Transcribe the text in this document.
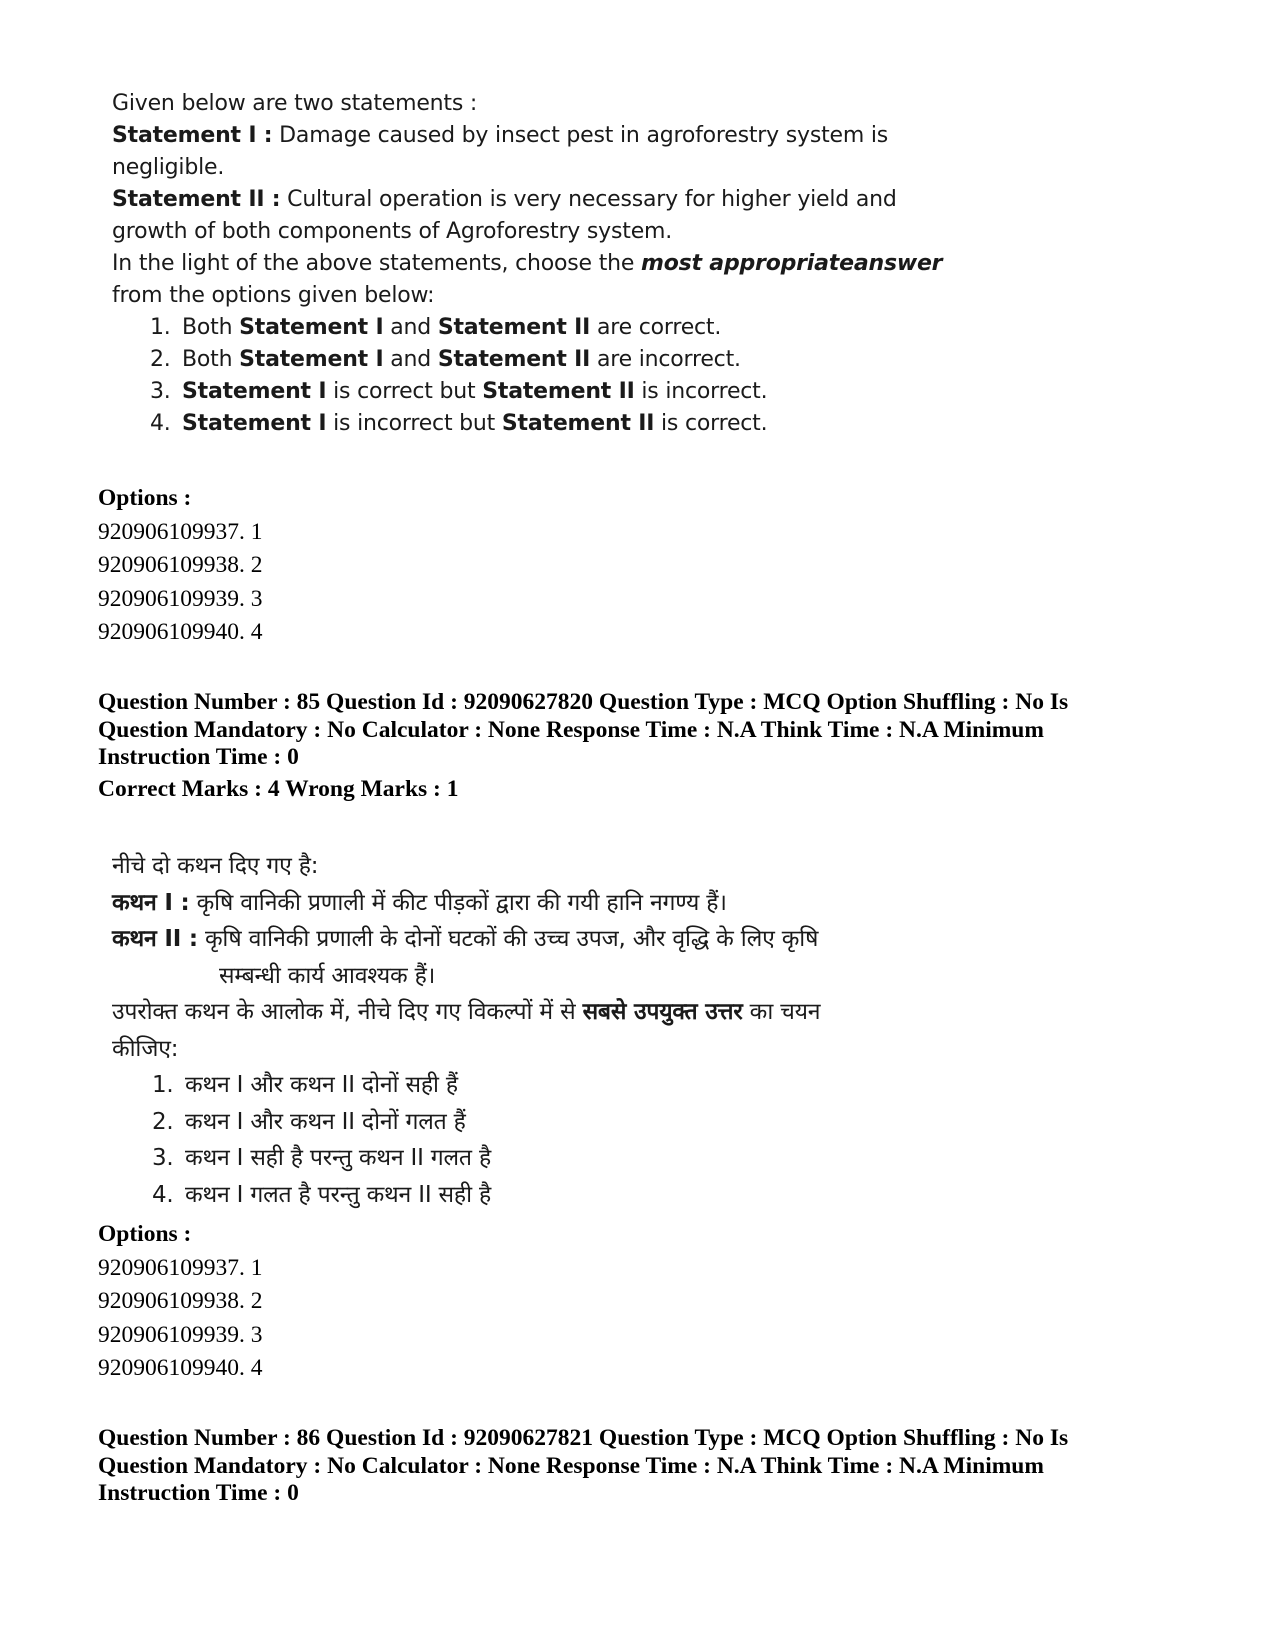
Given below are two statements :

Statement I : Damage caused by insect pest in agroforestry system is

negligible.

Statement II : Cultural operation is very necessary for higher yield and

growth of both components of Agroforestry system.

In the light of the above statements, choose the most appropriateanswer

from the options given below:

1. Both Statement I and Statement II are correct.
2. Both Statement I and Statement II are incorrect.
3. Statement I is correct but Statement II is incorrect.
4. Statement I is incorrect but Statement II is correct.
Options :
920906109937. 1
920906109938. 2
920906109939. 3
920906109940. 4
Question Number : 85 Question Id : 92090627820 Question Type : MCQ Option Shuffling : No Is
Question Mandatory : No Calculator : None Response Time : N.A Think Time : N.A Minimum
Instruction Time : 0
Correct Marks : 4 Wrong Marks : 1

नीचे दो कथन दिए गए है:

कथन I : कृषि वानिकी प्रणाली में कीट पीड़कों द्वारा की गयी हानि नगण्य हैं।

कथन II : कृषि वानिकी प्रणाली के दोनों घटकों की उच्च उपज, और वृद्धि के लिए कृषि

सम्बन्धी कार्य आवश्यक हैं।

उपरोक्त कथन के आलोक में, नीचे दिए गए विकल्पों में से सबसे उपयुक्त उत्तर का चयन

कीजिए:

1. कथन I और कथन II दोनों सही हैं
2. कथन I और कथन II दोनों गलत हैं
3. कथन I सही है परन्तु कथन II गलत है
4. कथन I गलत है परन्तु कथन II सही है
Options :
920906109937. 1
920906109938. 2
920906109939. 3
920906109940. 4
Question Number : 86 Question Id : 92090627821 Question Type : MCQ Option Shuffling : No Is
Question Mandatory : No Calculator : None Response Time : N.A Think Time : N.A Minimum
Instruction Time : 0
